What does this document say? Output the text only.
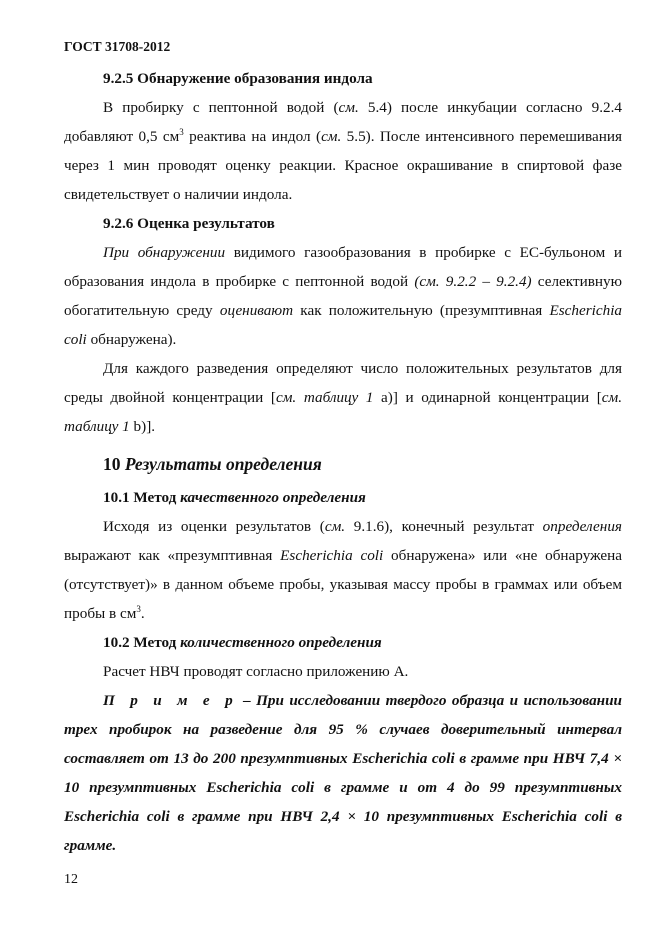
ГОСТ 31708-2012
9.2.5 Обнаружение образования индола
В пробирку с пептонной водой (см. 5.4) после инкубации согласно 9.2.4 добавляют 0,5 $см^3$ реактива на индол (см. 5.5). После интенсивного перемешивания через 1 мин проводят оценку реакции. Красное окрашивание в спиртовой фазе свидетельствует о наличии индола.
9.2.6 Оценка результатов
При обнаружении видимого газообразования в пробирке с ЕС-бульоном и образования индола в пробирке с пептонной водой (см. 9.2.2 – 9.2.4) селективную обогатительную среду оценивают как положительную (презумптивная Escherichia coli обнаружена).
Для каждого разведения определяют число положительных результатов для среды двойной концентрации [см. таблицу 1 а)] и одинарной концентрации [см. таблицу 1 b)].
10 Результаты определения
10.1 Метод качественного определения
Исходя из оценки результатов (см. 9.1.6), конечный результат определения выражают как «презумптивная Escherichia coli обнаружена» или «не обнаружена (отсутствует)» в данном объеме пробы, указывая массу пробы в граммах или объем пробы в $см^3$.
10.2 Метод количественного определения
Расчет НВЧ проводят согласно приложению А.
П р и м е р – При исследовании твердого образца и использовании трех пробирок на разведение для 95 % случаев доверительный интервал составляет от 13 до 200 презумптивных Escherichia coli в грамме при НВЧ 7,4 × 10 презумптивных Escherichia coli в грамме и от 4 до 99 презумптивных Escherichia coli в грамме при НВЧ 2,4 × 10 презумптивных Escherichia coli в грамме.
12
